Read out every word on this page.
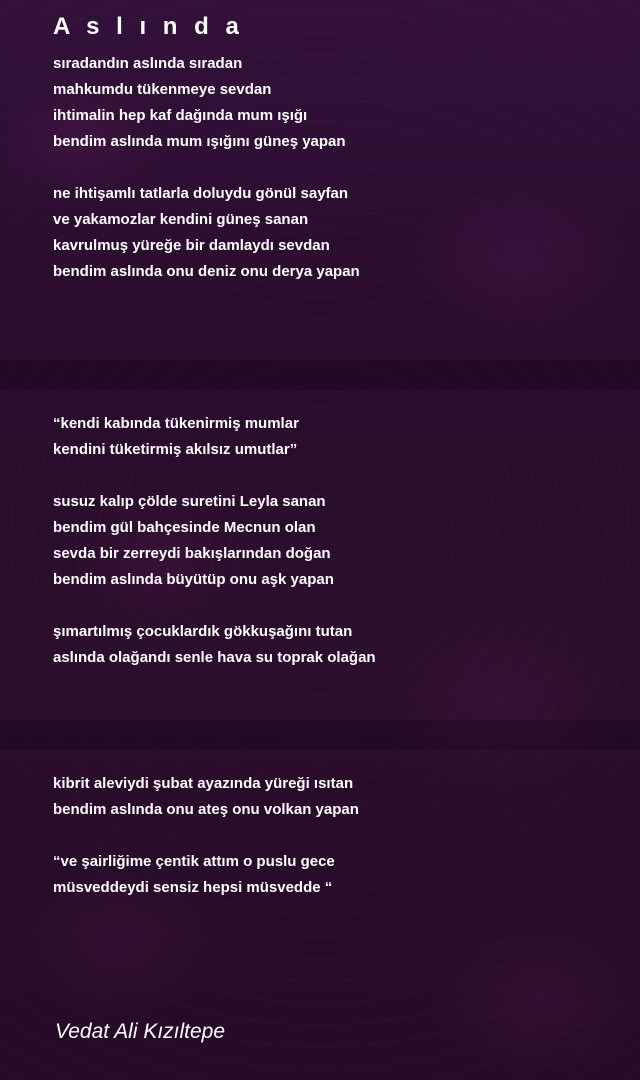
A s l ı n d a
sıradandın aslında sıradan
mahkumdu tükenmeye sevdan
ihtimalin hep kaf dağında mum ışığı
bendim aslında mum ışığını güneş yapan
ne ihtişamlı tatlarla doluydu gönül sayfan
ve yakamozlar kendini güneş sanan
kavrulmuş yüreğe bir damlaydı sevdan
bendim aslında onu deniz onu derya yapan
“kendi kabında tükenirmiş mumlar
kendini tüketirmiş akılsız umutlar”
susuz kalıp çölde suretini Leyla sanan
bendim gül bahçesinde Mecnun olan
sevda bir zerreydi bakışlarından doğan
bendim aslında büyütüp onu aşk yapan
şımartılmış çocuklardık gökkuşağını tutan
aslında olağandı senle hava su toprak olağan
kibrit aleviydi şubat ayazında yüreği ısıtan
bendim aslında onu ateş onu volkan yapan
“ve şairliğime çentik attım o puslu gece
müsveddeydi sensiz hepsi müsvedde “
Vedat Ali Kızıltepe
